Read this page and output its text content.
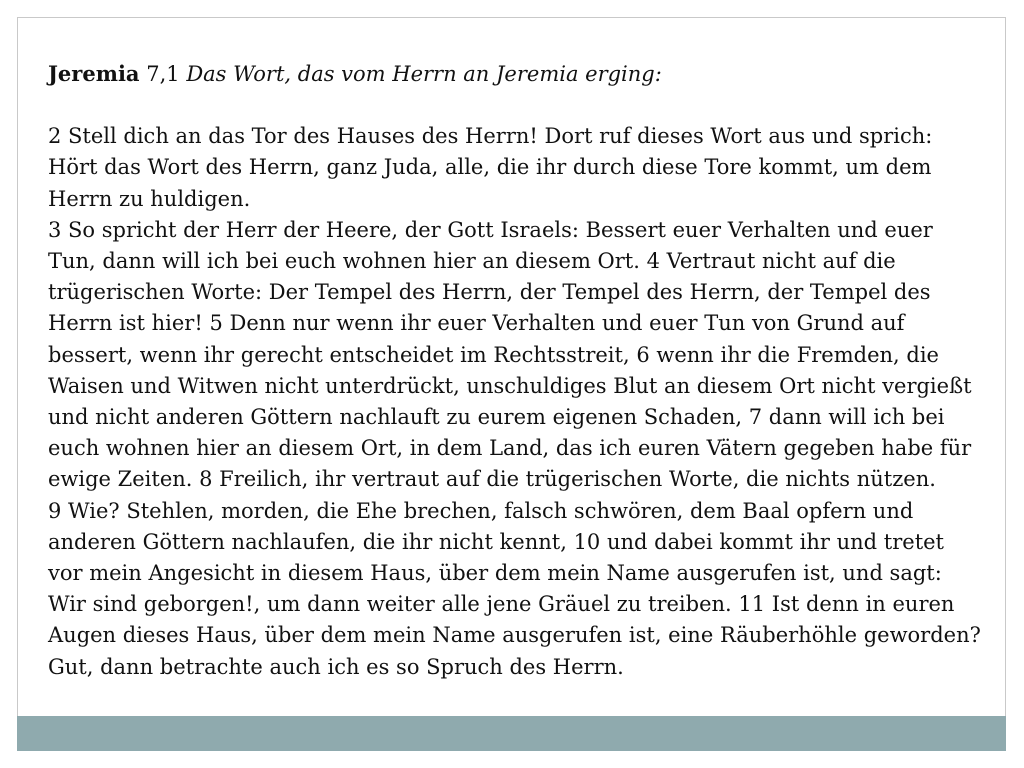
Jeremia 7,1 Das Wort, das vom Herrn an Jeremia erging:

2 Stell dich an das Tor des Hauses des Herrn! Dort ruf dieses Wort aus und sprich: Hört das Wort des Herrn, ganz Juda, alle, die ihr durch diese Tore kommt, um dem Herrn zu huldigen.

3 So spricht der Herr der Heere, der Gott Israels: Bessert euer Verhalten und euer Tun, dann will ich bei euch wohnen hier an diesem Ort. 4 Vertraut nicht auf die trügerischen Worte: Der Tempel des Herrn, der Tempel des Herrn, der Tempel des Herrn ist hier! 5 Denn nur wenn ihr euer Verhalten und euer Tun von Grund auf bessert, wenn ihr gerecht entscheidet im Rechtsstreit, 6 wenn ihr die Fremden, die Waisen und Witwen nicht unterdrückt, unschuldiges Blut an diesem Ort nicht vergießt und nicht anderen Göttern nachlauft zu eurem eigenen Schaden, 7 dann will ich bei euch wohnen hier an diesem Ort, in dem Land, das ich euren Vätern gegeben habe für ewige Zeiten. 8 Freilich, ihr vertraut auf die trügerischen Worte, die nichts nützen.

9 Wie? Stehlen, morden, die Ehe brechen, falsch schwören, dem Baal opfern und anderen Göttern nachlaufen, die ihr nicht kennt, 10 und dabei kommt ihr und tretet vor mein Angesicht in diesem Haus, über dem mein Name ausgerufen ist, und sagt: Wir sind geborgen!, um dann weiter alle jene Gräuel zu treiben. 11 Ist denn in euren Augen dieses Haus, über dem mein Name ausgerufen ist, eine Räuberhöhle geworden? Gut, dann betrachte auch ich es so Spruch des Herrn.
